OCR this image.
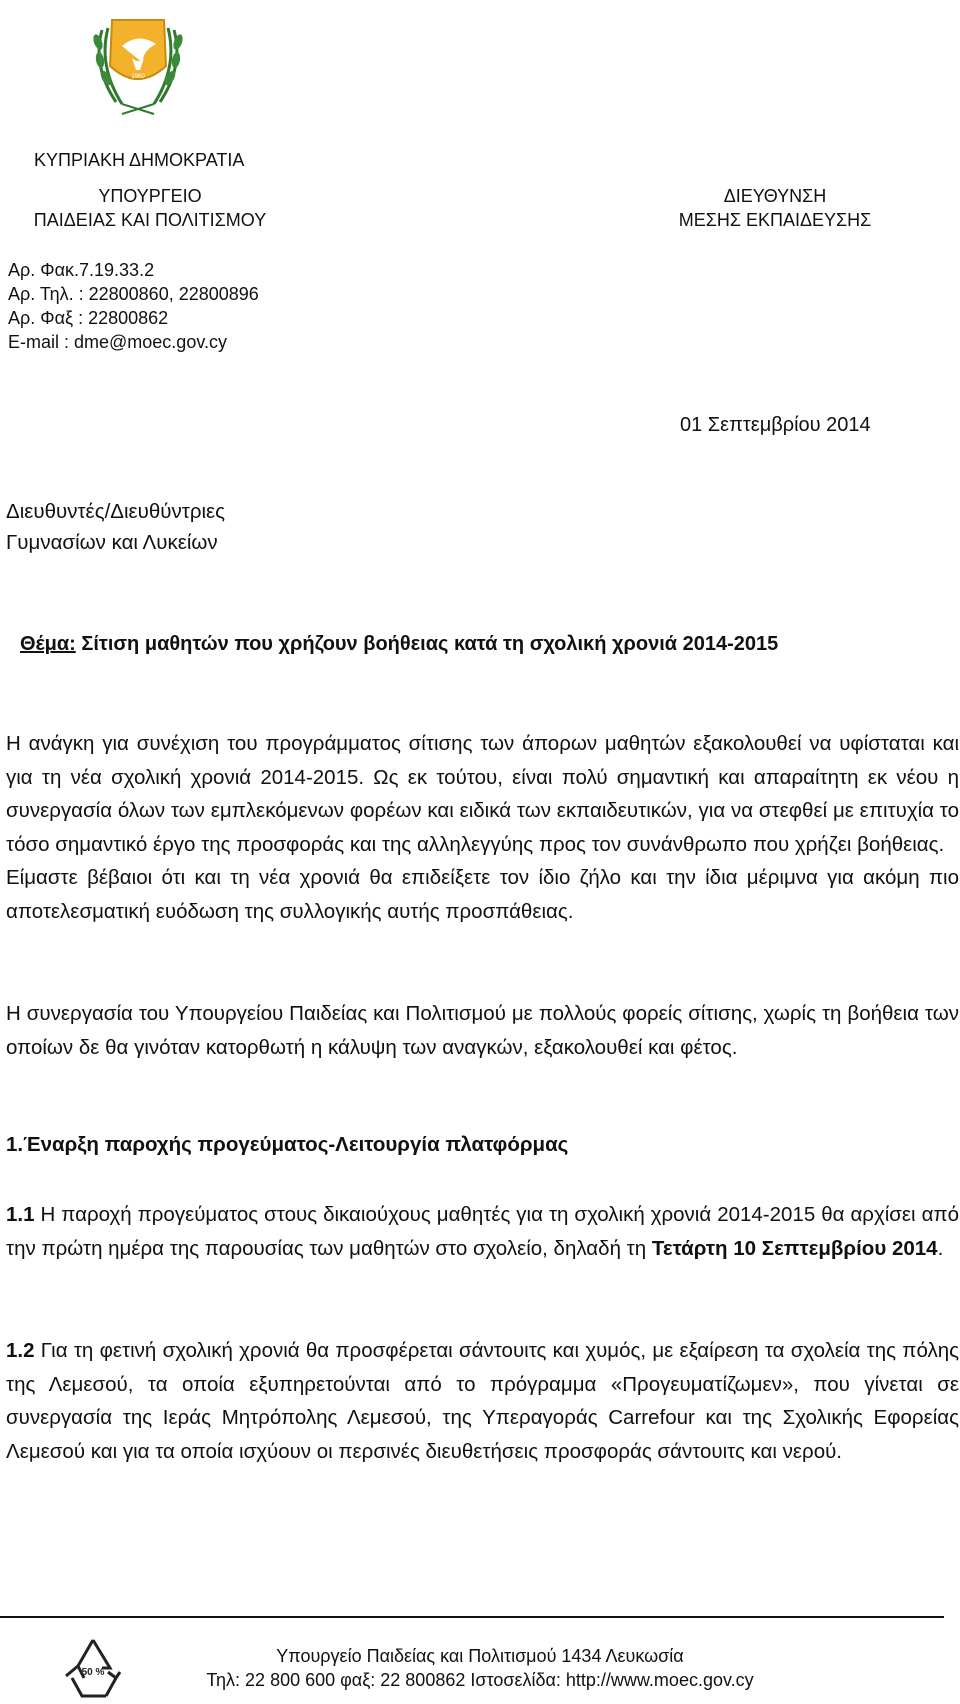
1960
ΚΥΠΡΙΑΚΗ ΔΗΜΟΚΡΑΤΙΑ
ΥΠΟΥΡΓΕΙΟ
ΠΑΙΔΕΙΑΣ ΚΑΙ ΠΟΛΙΤΙΣΜΟΥ
ΔΙΕΥΘΥΝΣΗ
ΜΕΣΗΣ ΕΚΠΑΙΔΕΥΣΗΣ
Αρ. Φακ.7.19.33.2
Αρ. Τηλ. : 22800860, 22800896
Αρ. Φαξ : 22800862
E-mail : dme@moec.gov.cy
01 Σεπτεμβρίου 2014
Διευθυντές/Διευθύντριες
Γυμνασίων και Λυκείων
Θέμα: Σίτιση μαθητών που χρήζουν βοήθειας κατά τη σχολική χρονιά 2014-2015
Η ανάγκη για συνέχιση του προγράμματος σίτισης των άπορων μαθητών εξακολουθεί να υφίσταται και για τη νέα σχολική χρονιά 2014-2015. Ως εκ τούτου, είναι πολύ σημαντική και απαραίτητη εκ νέου η συνεργασία όλων των εμπλεκόμενων φορέων και ειδικά των εκπαιδευτικών, για να στεφθεί με επιτυχία το τόσο σημαντικό έργο της προσφοράς και της αλληλεγγύης προς τον συνάνθρωπο που χρήζει βοήθειας.
Είμαστε βέβαιοι ότι και τη νέα χρονιά θα επιδείξετε τον ίδιο ζήλο και την ίδια μέριμνα για ακόμη πιο αποτελεσματική ευόδωση της συλλογικής αυτής προσπάθειας.
Η συνεργασία του Υπουργείου Παιδείας και Πολιτισμού με πολλούς φορείς σίτισης, χωρίς τη βοήθεια των οποίων δε θα γινόταν κατορθωτή η κάλυψη των αναγκών, εξακολουθεί και φέτος.
1.Έναρξη παροχής προγεύματος-Λειτουργία πλατφόρμας
1.1 Η παροχή προγεύματος στους δικαιούχους μαθητές για τη σχολική χρονιά 2014-2015 θα αρχίσει από την πρώτη ημέρα της παρουσίας των μαθητών στο σχολείο, δηλαδή τη Τετάρτη 10 Σεπτεμβρίου 2014.
1.2 Για τη φετινή σχολική χρονιά θα προσφέρεται σάντουιτς και χυμός, με εξαίρεση τα σχολεία της πόλης της Λεμεσού, τα οποία εξυπηρετούνται από το πρόγραμμα «Προγευματίζωμεν», που γίνεται σε συνεργασία της Ιεράς Μητρόπολης Λεμεσού, της Υπεραγοράς Carrefour και της Σχολικής Εφορείας Λεμεσού και για τα οποία ισχύουν οι περσινές διευθετήσεις προσφοράς σάντουιτς και νερού.
50 %
Υπουργείο Παιδείας και Πολιτισμού 1434 Λευκωσία
Τηλ: 22 800 600 φαξ: 22 800862 Ιστοσελίδα: http://www.moec.gov.cy
